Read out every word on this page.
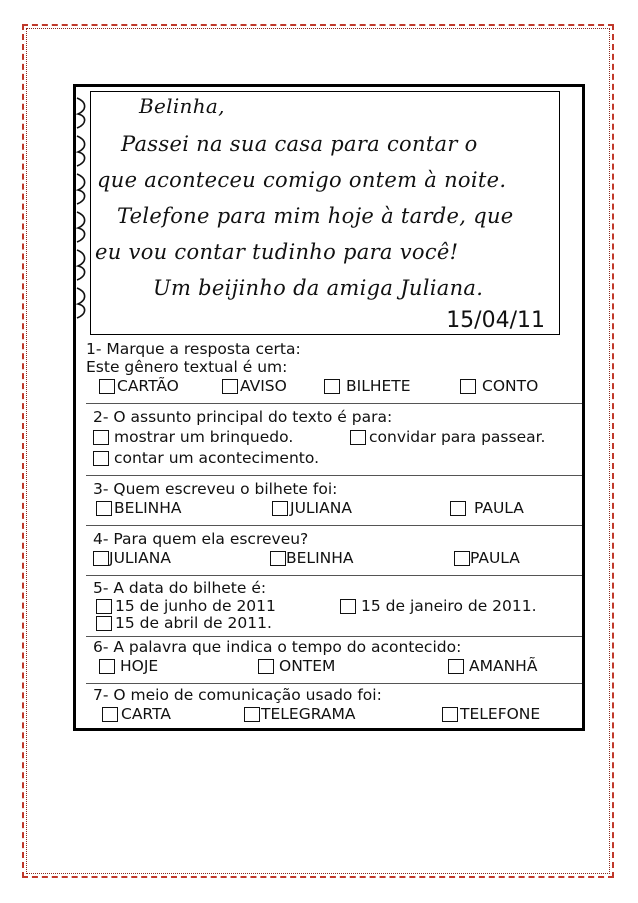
Belinha,
Passei na sua casa para contar o
que aconteceu comigo ontem à noite.
Telefone para mim hoje à tarde, que
eu vou contar tudinho para você!
Um beijinho da amiga Juliana.
15/04/11
1- Marque a resposta certa:
Este gênero textual é um:
CARTÃO	AVISO	BILHETE	CONTO
2- O assunto principal do texto é para:
mostrar um brinquedo.	convidar para passear.
contar um acontecimento.
3- Quem escreveu o bilhete foi:
BELINHA	JULIANA	PAULA
4- Para quem ela escreveu?
JULIANA	BELINHA	PAULA
5- A data do bilhete é:
15 de junho de 2011	15 de janeiro de 2011.
15 de abril de 2011.
6- A palavra que indica o tempo do acontecido:
HOJE	ONTEM	AMANHÃ
7- O meio de comunicação usado foi:
CARTA	TELEGRAMA	TELEFONE
